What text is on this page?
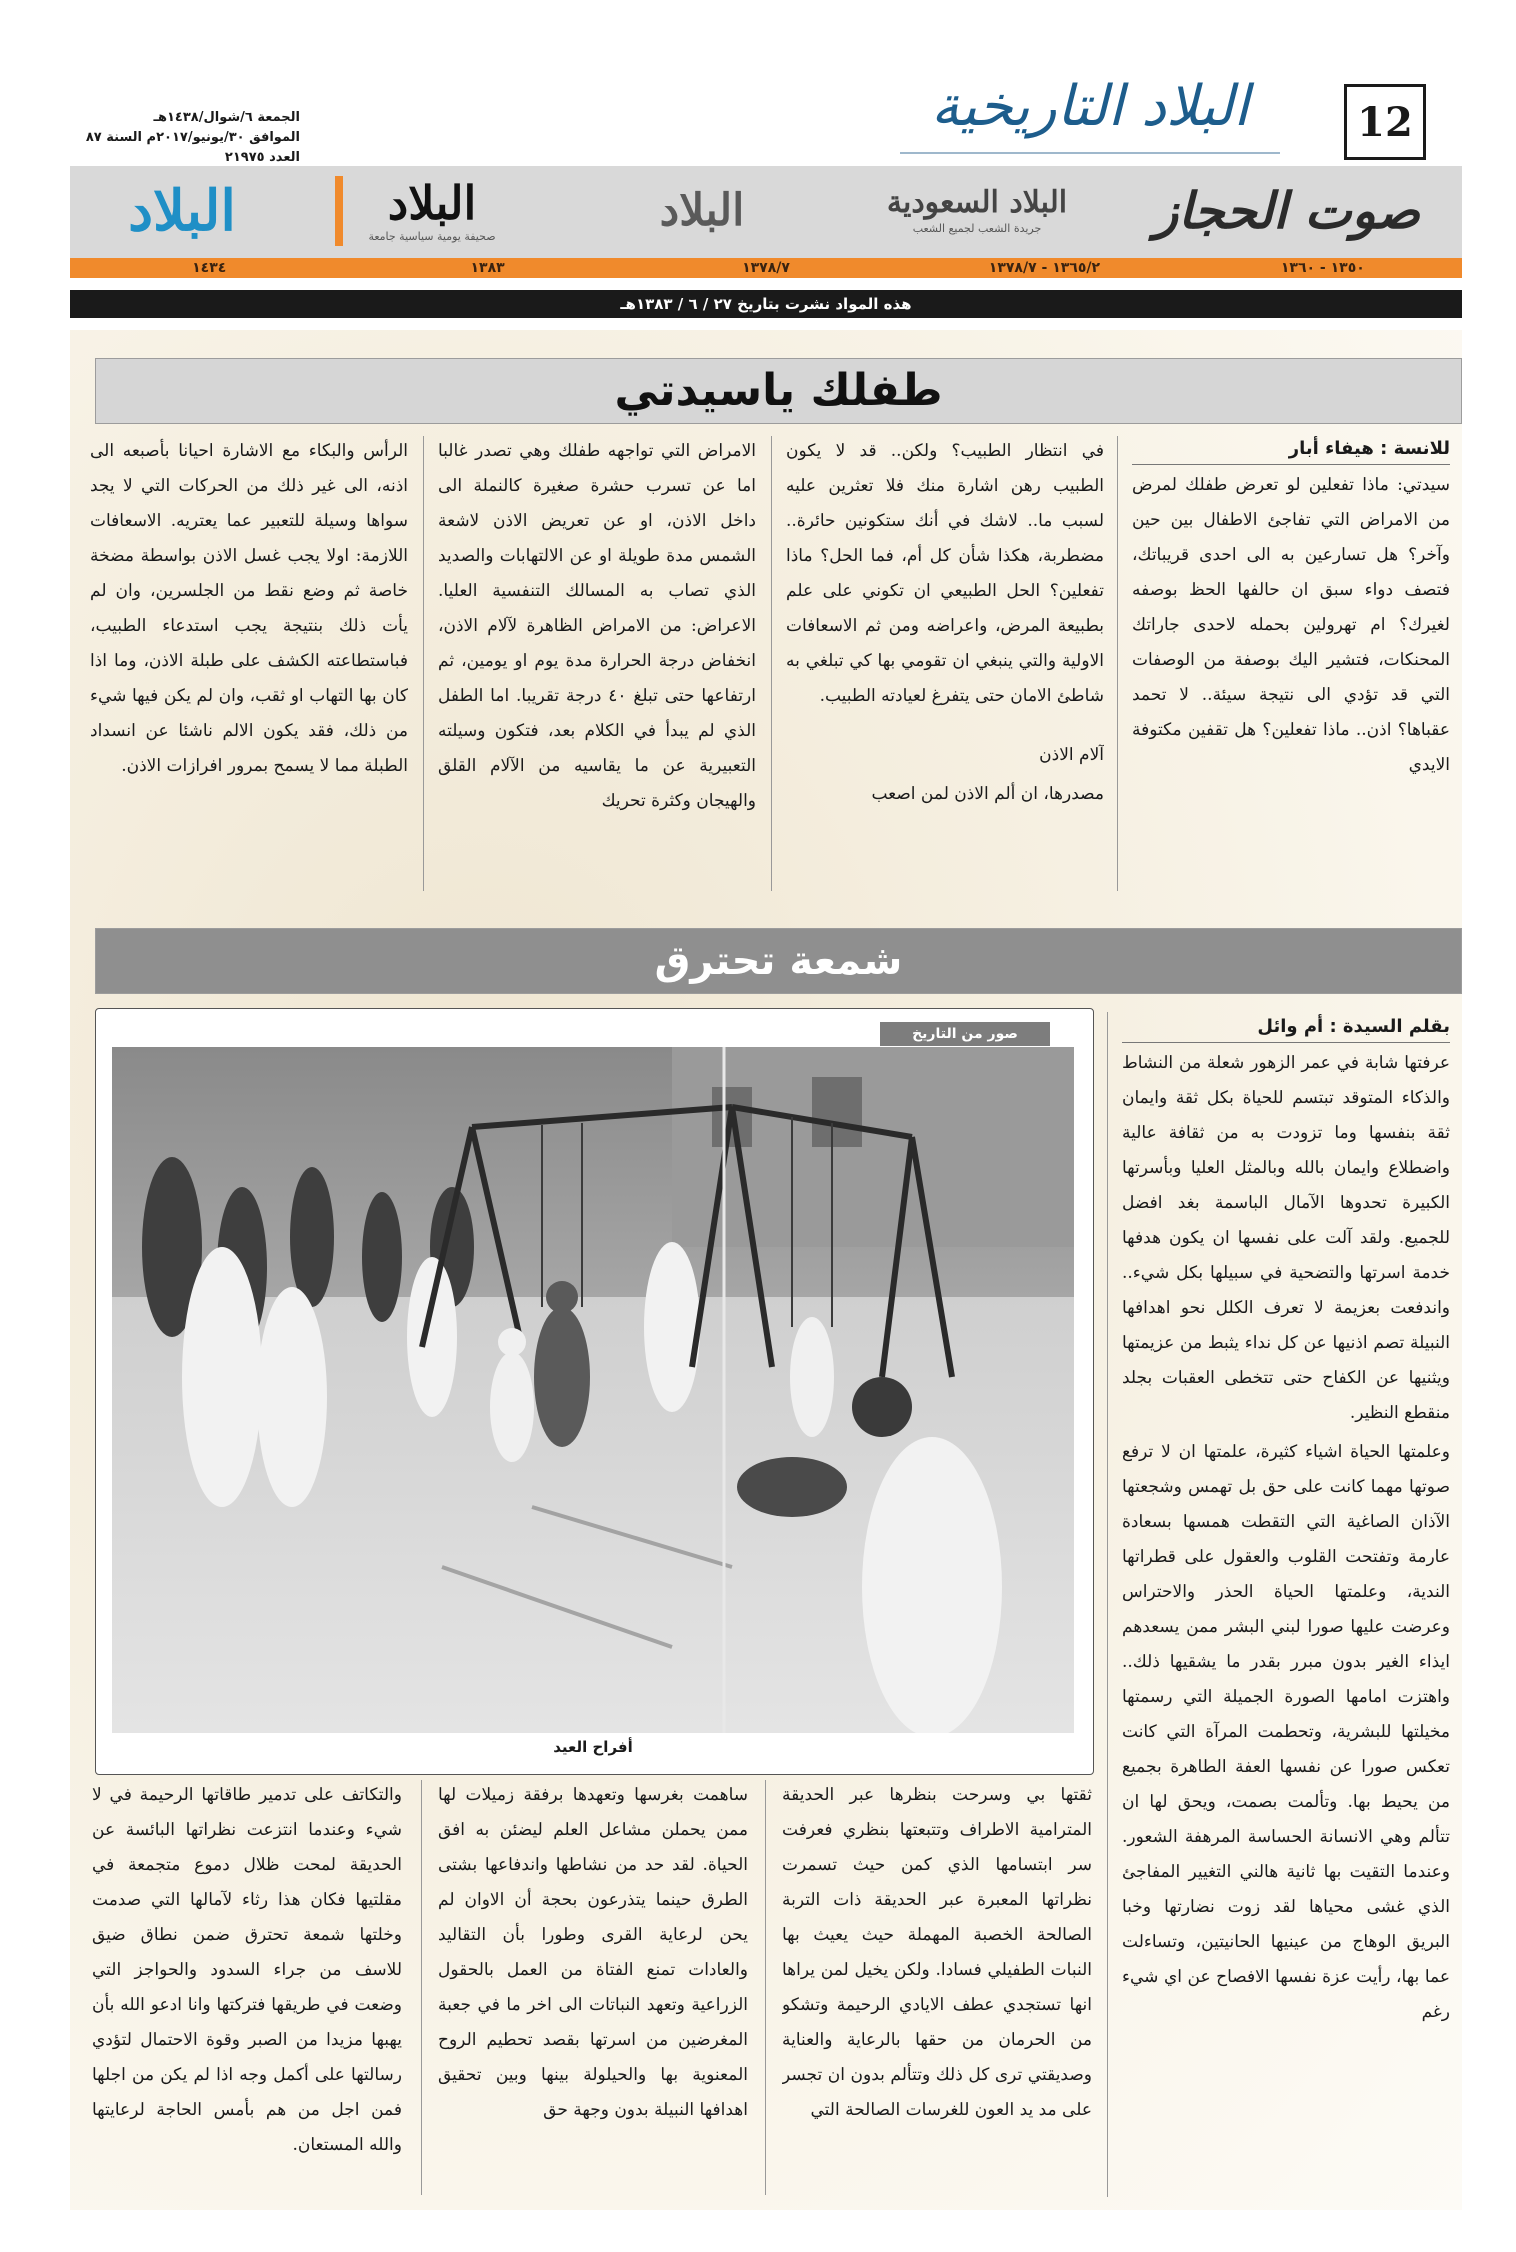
12
البلاد التاريخية
الجمعة ٦/شوال/١٤٣٨هـ
الموافق ٣٠/يونيو/٢٠١٧م السنة ٨٧ العدد ٢١٩٧٥
صوت الحجاز
البلاد السعودية
جريدة الشعب لجميع الشعب
البلاد
البلاد
صحيفة يومية سياسية جامعة
البلاد
١٤٣٤	١٣٨٣	١٣٧٨/٧	١٣٦٥/٢ - ١٣٧٨/٧	١٣٥٠ - ١٣٦٠
هذه المواد نشرت بتاريخ ٢٧ / ٦ / ١٣٨٣هـ
طفلك ياسيدتي
للانسة : هيفاء أبار

سيدتي: ماذا تفعلين لو تعرض طفلك لمرض من الامراض التي تفاجئ الاطفال بين حين وآخر؟ هل تسارعين به الى احدى قريباتك، فتصف دواء سبق ان حالفها الحظ بوصفه لغيرك؟ ام تهرولين بحمله لاحدى جاراتك المحنكات، فتشير اليك بوصفة من الوصفات التي قد تؤدي الى نتيجة سيئة.. لا تحمد عقباها؟ اذن.. ماذا تفعلين؟ هل تقفين مكتوفة الايدي

في انتظار الطبيب؟ ولكن.. قد لا يكون الطبيب رهن اشارة منك فلا تعثرين عليه لسبب ما.. لاشك في أنك ستكونين حائرة.. مضطربة، هكذا شأن كل أم، فما الحل؟ ماذا تفعلين؟ الحل الطبيعي ان تكوني على علم بطبيعة المرض، واعراضه ومن ثم الاسعافات الاولية والتي ينبغي ان تقومي بها كي تبلغي به شاطئ الامان حتى يتفرغ لعيادته الطبيب.

آلام الاذن

مصدرها، ان ألم الاذن لمن اصعب

الامراض التي تواجهه طفلك وهي تصدر غالبا اما عن تسرب حشرة صغيرة كالنملة الى داخل الاذن، او عن تعريض الاذن لاشعة الشمس مدة طويلة او عن الالتهابات والصديد الذي تصاب به المسالك التنفسية العليا. الاعراض: من الامراض الظاهرة لآلام الاذن، انخفاض درجة الحرارة مدة يوم او يومين، ثم ارتفاعها حتى تبلغ ٤٠ درجة تقريبا. اما الطفل الذي لم يبدأ في الكلام بعد، فتكون وسيلته التعبيرية عن ما يقاسيه من الآلام القلق والهيجان وكثرة تحريك

الرأس والبكاء مع الاشارة احيانا بأصبعه الى اذنه، الى غير ذلك من الحركات التي لا يجد سواها وسيلة للتعبير عما يعتريه. الاسعافات اللازمة: اولا يجب غسل الاذن بواسطة مضخة خاصة ثم وضع نقط من الجلسرين، وان لم يأت ذلك بنتيجة يجب استدعاء الطبيب، فباستطاعته الكشف على طبلة الاذن، وما اذا كان بها التهاب او ثقب، وان لم يكن فيها شيء من ذلك، فقد يكون الالم ناشئا عن انسداد الطبلة مما لا يسمح بمرور افرازات الاذن.

شمعة تحترق
بقلم السيدة : أم وائل

عرفتها شابة في عمر الزهور شعلة من النشاط والذكاء المتوقد تبتسم للحياة بكل ثقة وايمان ثقة بنفسها وما تزودت به من ثقافة عالية واضطلاع وايمان بالله وبالمثل العليا وبأسرتها الكبيرة تحدوها الآمال الباسمة بغد افضل للجميع. ولقد آلت على نفسها ان يكون هدفها خدمة اسرتها والتضحية في سبيلها بكل شيء.. واندفعت بعزيمة لا تعرف الكلل نحو اهدافها النبيلة تصم اذنيها عن كل نداء يثبط من عزيمتها ويثنيها عن الكفاح حتى تتخطى العقبات بجلد منقطع النظير.

وعلمتها الحياة اشياء كثيرة، علمتها ان لا ترفع صوتها مهما كانت على حق بل تهمس وشجعتها الآذان الصاغية التي التقطت همسها بسعادة عارمة وتفتحت القلوب والعقول على قطراتها الندية، وعلمتها الحياة الحذر والاحتراس وعرضت عليها صورا لبني البشر ممن يسعدهم ايذاء الغير بدون مبرر بقدر ما يشقيها ذلك.. واهتزت امامها الصورة الجميلة التي رسمتها مخيلتها للبشرية، وتحطمت المرآة التي كانت تعكس صورا عن نفسها العفة الطاهرة بجميع من يحيط بها. وتألمت بصمت، ويحق لها ان تتألم وهي الانسانة الحساسة المرهفة الشعور. وعندما التقيت بها ثانية هالني التغيير المفاجئ الذي غشى محياها لقد زوت نضارتها وخبا البريق الوهاج من عينيها الحانيتين، وتساءلت عما بها، رأيت عزة نفسها الافصاح عن اي شيء رغم

صور من التاريخ
أفراح العيد

ثقتها بي وسرحت بنظرها عبر الحديقة المترامية الاطراف وتتبعتها بنظري فعرفت سر ابتسامها الذي كمن حيث تسمرت نظراتها المعبرة عبر الحديقة ذات التربة الصالحة الخصبة المهملة حيث يعيث بها النبات الطفيلي فسادا. ولكن يخيل لمن يراها انها تستجدي عطف الايادي الرحيمة وتشكو من الحرمان من حقها بالرعاية والعناية وصديقتي ترى كل ذلك وتتألم بدون ان تجسر على مد يد العون للغرسات الصالحة التي

ساهمت بغرسها وتعهدها برفقة زميلات لها ممن يحملن مشاعل العلم ليضئن به افق الحياة. لقد حد من نشاطها واندفاعها بشتى الطرق حينما يتذرعون بحجة أن الاوان لم يحن لرعاية القرى وطورا بأن التقاليد والعادات تمنع الفتاة من العمل بالحقول الزراعية وتعهد النباتات الى اخر ما في جعبة المغرضين من اسرتها بقصد تحطيم الروح المعنوية بها والحيلولة بينها وبين تحقيق اهدافها النبيلة بدون وجهة حق

والتكاتف على تدمير طاقاتها الرحيمة في لا شيء وعندما انتزعت نظراتها البائسة عن الحديقة لمحت ظلال دموع متجمعة في مقلتيها فكان هذا رثاء لآمالها التي صدمت وخلتها شمعة تحترق ضمن نطاق ضيق للاسف من جراء السدود والحواجز التي وضعت في طريقها فتركتها وانا ادعو الله بأن يهبها مزيدا من الصبر وقوة الاحتمال لتؤدي رسالتها على أكمل وجه اذا لم يكن من اجلها فمن اجل من هم بأمس الحاجة لرعايتها والله المستعان.
